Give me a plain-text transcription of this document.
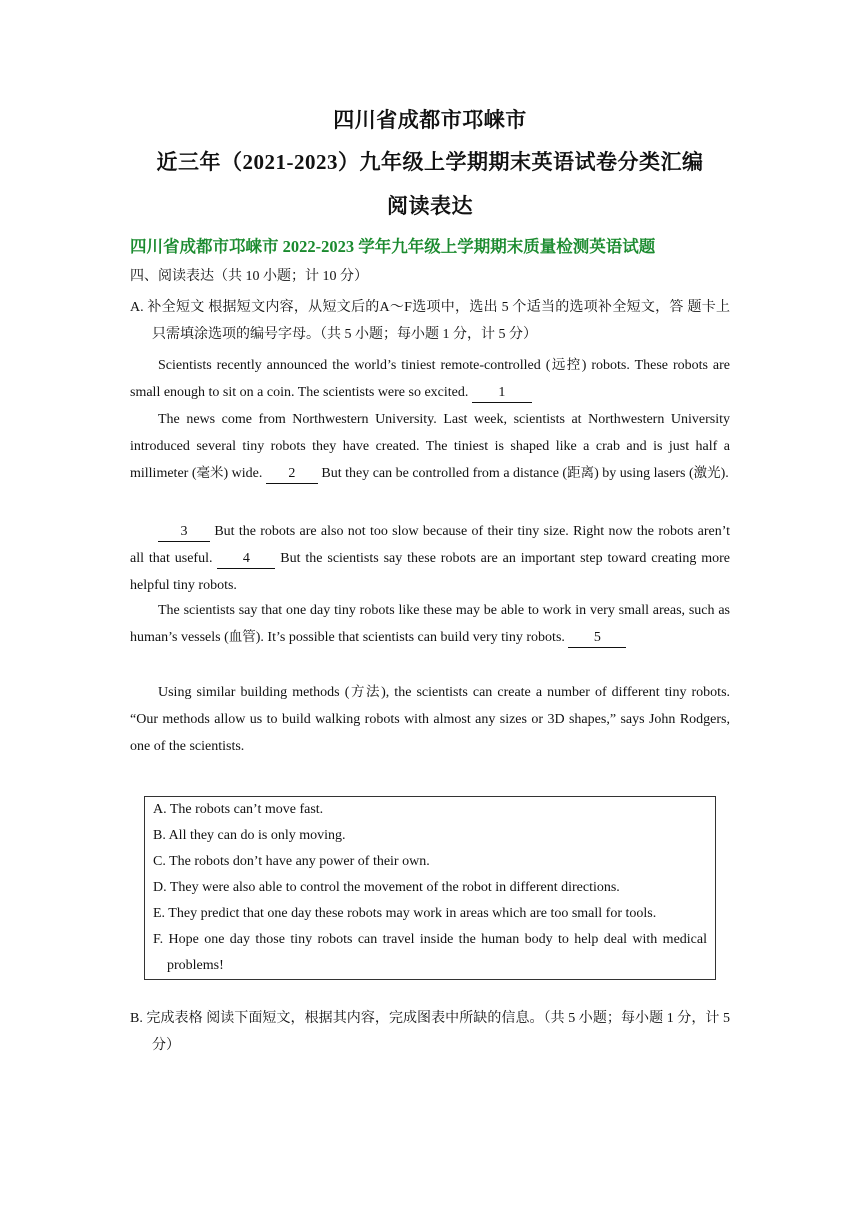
四川省成都市邛崃市
近三年（2021-2023）九年级上学期期末英语试卷分类汇编
阅读表达
四川省成都市邛崃市 2022-2023 学年九年级上学期期末质量检测英语试题
四、阅读表达（共 10 小题；计 10 分）
A. 补全短文 根据短文内容，从短文后的A～F选项中，选出 5 个适当的选项补全短文，答 题卡上只需填涂选项的编号字母。（共 5 小题；每小题 1 分，计 5 分）
Scientists recently announced the world’s tiniest remote-controlled (远控) robots. These robots are small enough to sit on a coin. The scientists were so excited. 1
The news come from Northwestern University. Last week, scientists at Northwestern University introduced several tiny robots they have created. The tiniest is shaped like a crab and is just half a millimeter (毫米) wide. 2 But they can be controlled from a distance (距离) by using lasers (激光).
3 But the robots are also not too slow because of their tiny size. Right now the robots aren’t all that useful. 4 But the scientists say these robots are an important step toward creating more helpful tiny robots.
The scientists say that one day tiny robots like these may be able to work in very small areas, such as human’s vessels (血管). It’s possible that scientists can build very tiny robots. 5
Using similar building methods (方法), the scientists can create a number of different tiny robots. “Our methods allow us to build walking robots with almost any sizes or 3D shapes,” says John Rodgers, one of the scientists.
A. The robots can’t move fast.
B. All they can do is only moving.
C. The robots don’t have any power of their own.
D. They were also able to control the movement of the robot in different directions.
E. They predict that one day these robots may work in areas which are too small for tools.
F. Hope one day those tiny robots can travel inside the human body to help deal with medical problems!
B. 完成表格 阅读下面短文，根据其内容，完成图表中所缺的信息。（共 5 小题；每小题 1 分，计 5 分）
